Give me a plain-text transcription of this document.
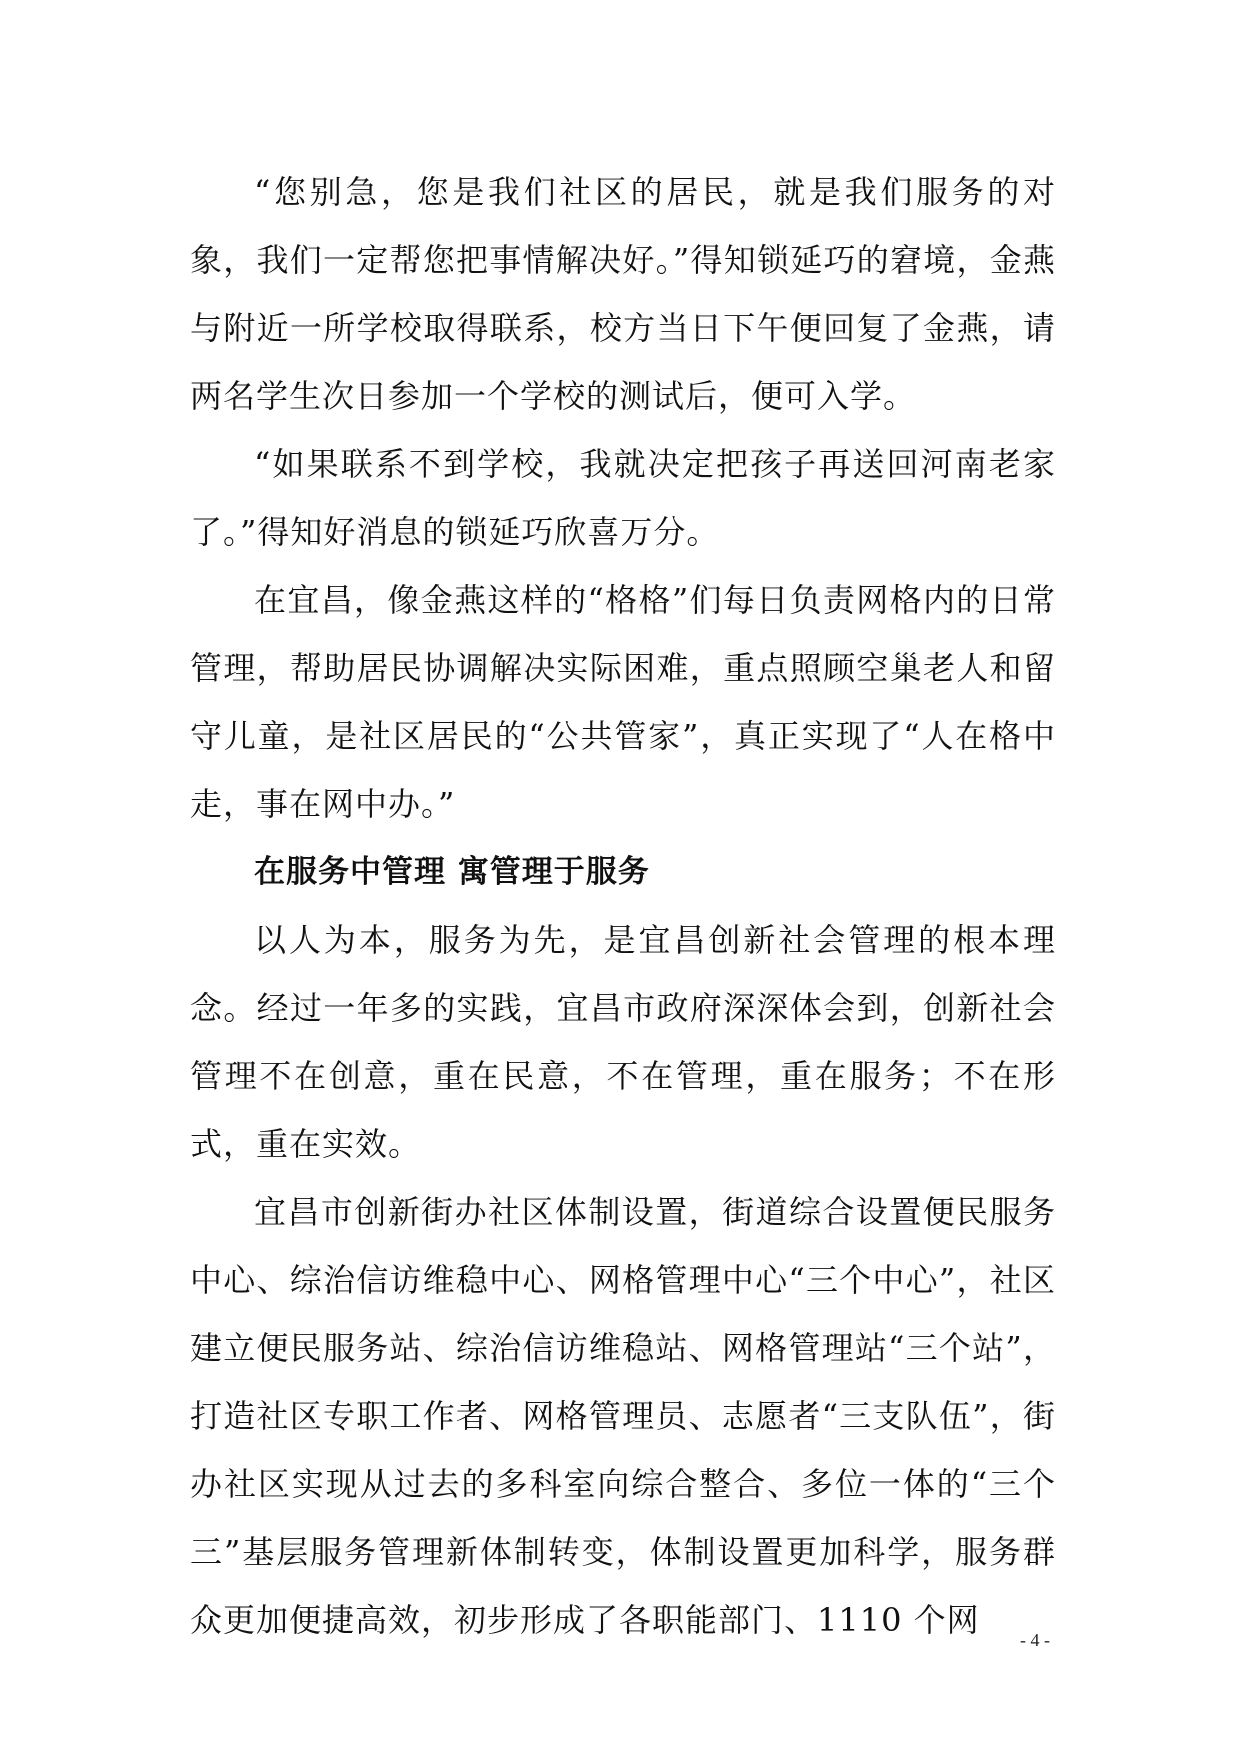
“您别急，您是我们社区的居民，就是我们服务的对象，我们一定帮您把事情解决好。”得知锁延巧的窘境，金燕与附近一所学校取得联系，校方当日下午便回复了金燕，请两名学生次日参加一个学校的测试后，便可入学。

“如果联系不到学校，我就决定把孩子再送回河南老家了。”得知好消息的锁延巧欣喜万分。

在宜昌，像金燕这样的“格格”们每日负责网格内的日常管理，帮助居民协调解决实际困难，重点照顾空巢老人和留守儿童，是社区居民的“公共管家”，真正实现了“人在格中走，事在网中办。”

在服务中管理 寓管理于服务

以人为本，服务为先，是宜昌创新社会管理的根本理念。经过一年多的实践，宜昌市政府深深体会到，创新社会管理不在创意，重在民意，不在管理，重在服务；不在形式，重在实效。

宜昌市创新街办社区体制设置，街道综合设置便民服务中心、综治信访维稳中心、网格管理中心“三个中心”，社区建立便民服务站、综治信访维稳站、网格管理站“三个站”，打造社区专职工作者、网格管理员、志愿者“三支队伍”，街办社区实现从过去的多科室向综合整合、多位一体的“三个三”基层服务管理新体制转变，体制设置更加科学，服务群众更加便捷高效，初步形成了各职能部门、1110 个网

- 4 -
